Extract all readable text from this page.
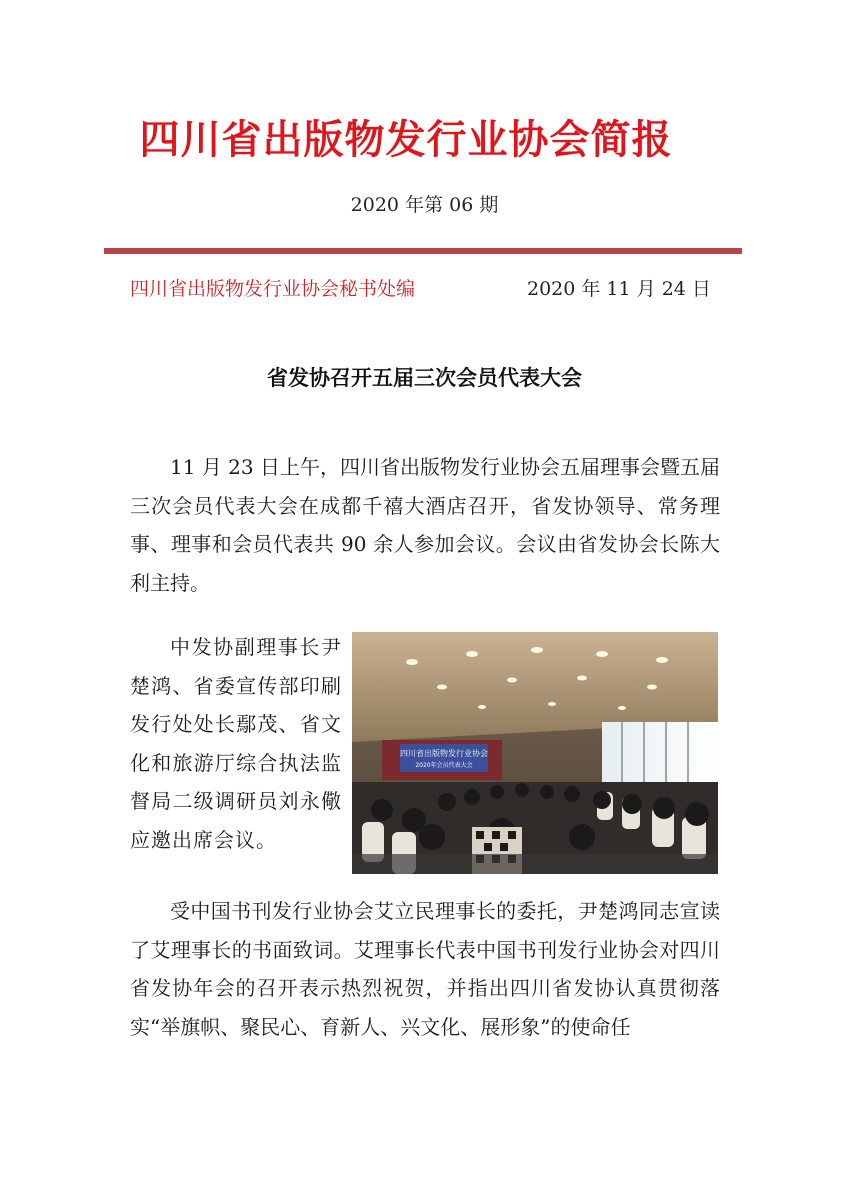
四川省出版物发行业协会简报
2020 年第 06 期
四川省出版物发行业协会秘书处编	2020 年 11 月 24 日
省发协召开五届三次会员代表大会

11 月 23 日上午，四川省出版物发行业协会五届理事会暨五届三次会员代表大会在成都千禧大酒店召开，省发协领导、常务理事、理事和会员代表共 90 余人参加会议。会议由省发协会长陈大利主持。

中发协副理事长尹楚鸿、省委宣传部印刷发行处处长鄢茂、省文化和旅游厅综合执法监督局二级调研员刘永儆应邀出席会议。

四川省出版物发行业协会
2020年会员代表大会

受中国书刊发行业协会艾立民理事长的委托，尹楚鸿同志宣读了艾理事长的书面致词。艾理事长代表中国书刊发行业协会对四川省发协年会的召开表示热烈祝贺，并指出四川省发协认真贯彻落实“举旗帜、聚民心、育新人、兴文化、展形象”的使命任
